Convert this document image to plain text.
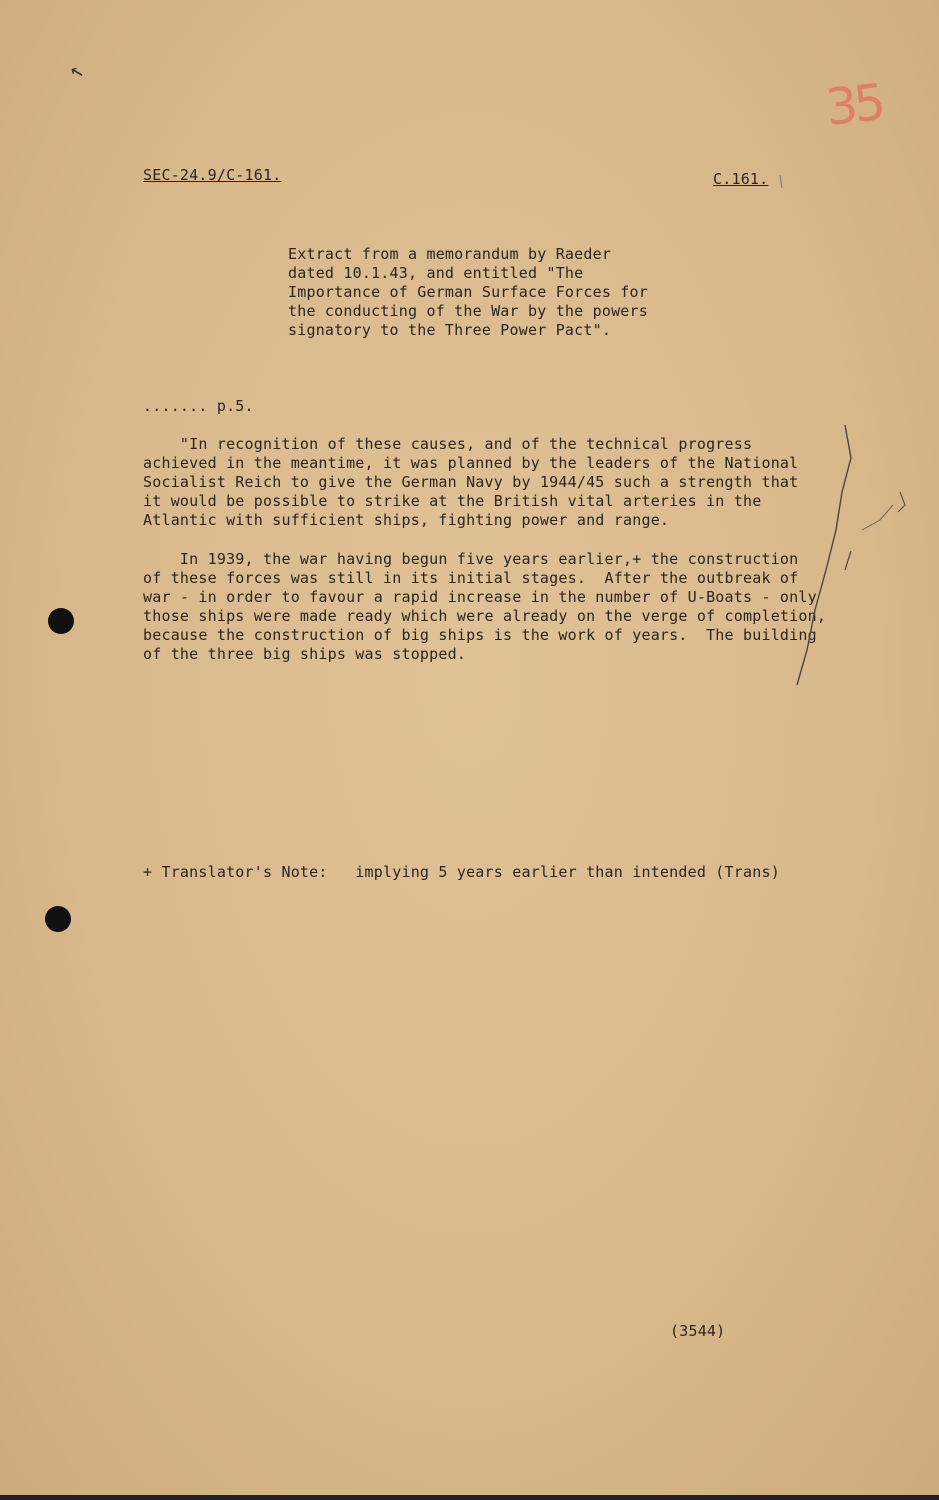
↖
35
SEC-24.9/C-161.	C.161.
Extract from a memorandum by Raeder
dated 10.1.43, and entitled "The
Importance of German Surface Forces for
the conducting of the War by the powers
signatory to the Three Power Pact".
....... p.5.
"In recognition of these causes, and of the technical progress
achieved in the meantime, it was planned by the leaders of the National
Socialist Reich to give the German Navy by 1944/45 such a strength that
it would be possible to strike at the British vital arteries in the
Atlantic with sufficient ships, fighting power and range.
In 1939, the war having begun five years earlier,+ the construction
of these forces was still in its initial stages.  After the outbreak of
war - in order to favour a rapid increase in the number of U-Boats - only
those ships were made ready which were already on the verge of completion,
because the construction of big ships is the work of years.  The building
of the three big ships was stopped.
+ Translator's Note:   implying 5 years earlier than intended (Trans)
(3544)
